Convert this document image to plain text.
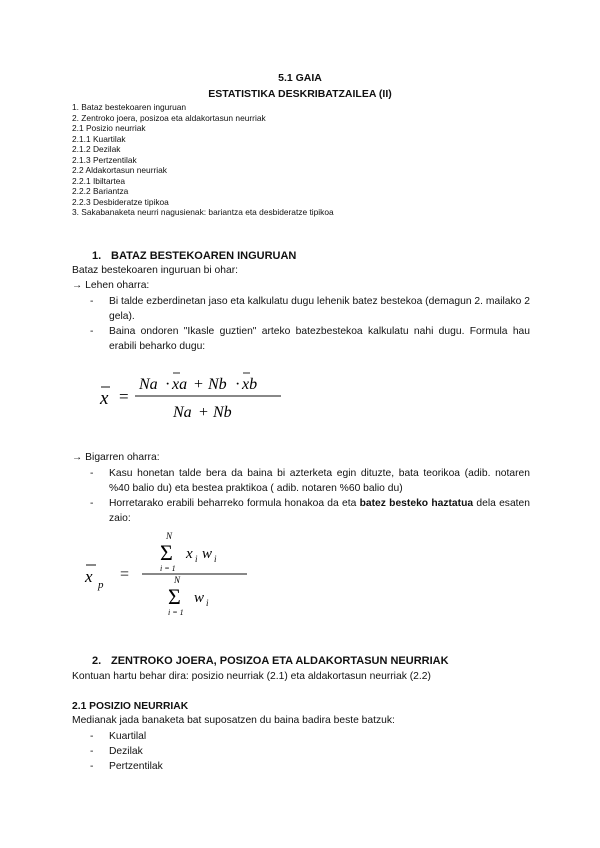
5.1 GAIA
ESTATISTIKA DESKRIBATZAILEA (II)
1. Bataz bestekoaren inguruan
2. Zentroko joera, posizoa eta aldakortasun neurriak
2.1 Posizio neurriak
2.1.1 Kuartilak
2.1.2 Dezilak
2.1.3 Pertzentilak
2.2 Aldakortasun neurriak
2.2.1 Ibiltartea
2.2.2 Bariantza
2.2.3 Desbideratze tipikoa
3. Sakabanaketa neurri nagusienak: bariantza eta desbideratze tipikoa
1. BATAZ BESTEKOAREN INGURUAN
Bataz bestekoaren inguruan bi ohar:
→ Lehen oharra:
- Bi talde ezberdinetan jaso eta kalkulatu dugu lehenik batez bestekoa (demagun 2. mailako 2 gela).
- Baina ondoren "Ikasle guztien" arteko batezbestekoa kalkulatu nahi dugu. Formula hau erabili beharko dugu:
x =
Na · xa + Nb · xb
Na + Nb
→ Bigarren oharra:
- Kasu honetan talde bera da baina bi azterketa egin dituzte, bata teorikoa (adib. notaren %40 balio du) eta bestea praktikoa ( adib. notaren %60 balio du)
- Horretarako erabili beharreko formula honakoa da eta batez besteko haztatua dela esaten zaio:
x p
=
N
Σ
i = 1
x i w i
N
Σ
i = 1
w i
2. ZENTROKO JOERA, POSIZOA ETA ALDAKORTASUN NEURRIAK
Kontuan hartu behar dira: posizio neurriak (2.1) eta aldakortasun neurriak (2.2)
2.1 POSIZIO NEURRIAK
Medianak jada banaketa bat suposatzen du baina badira beste batzuk:
- Kuartilal
- Dezilak
- Pertzentilak
